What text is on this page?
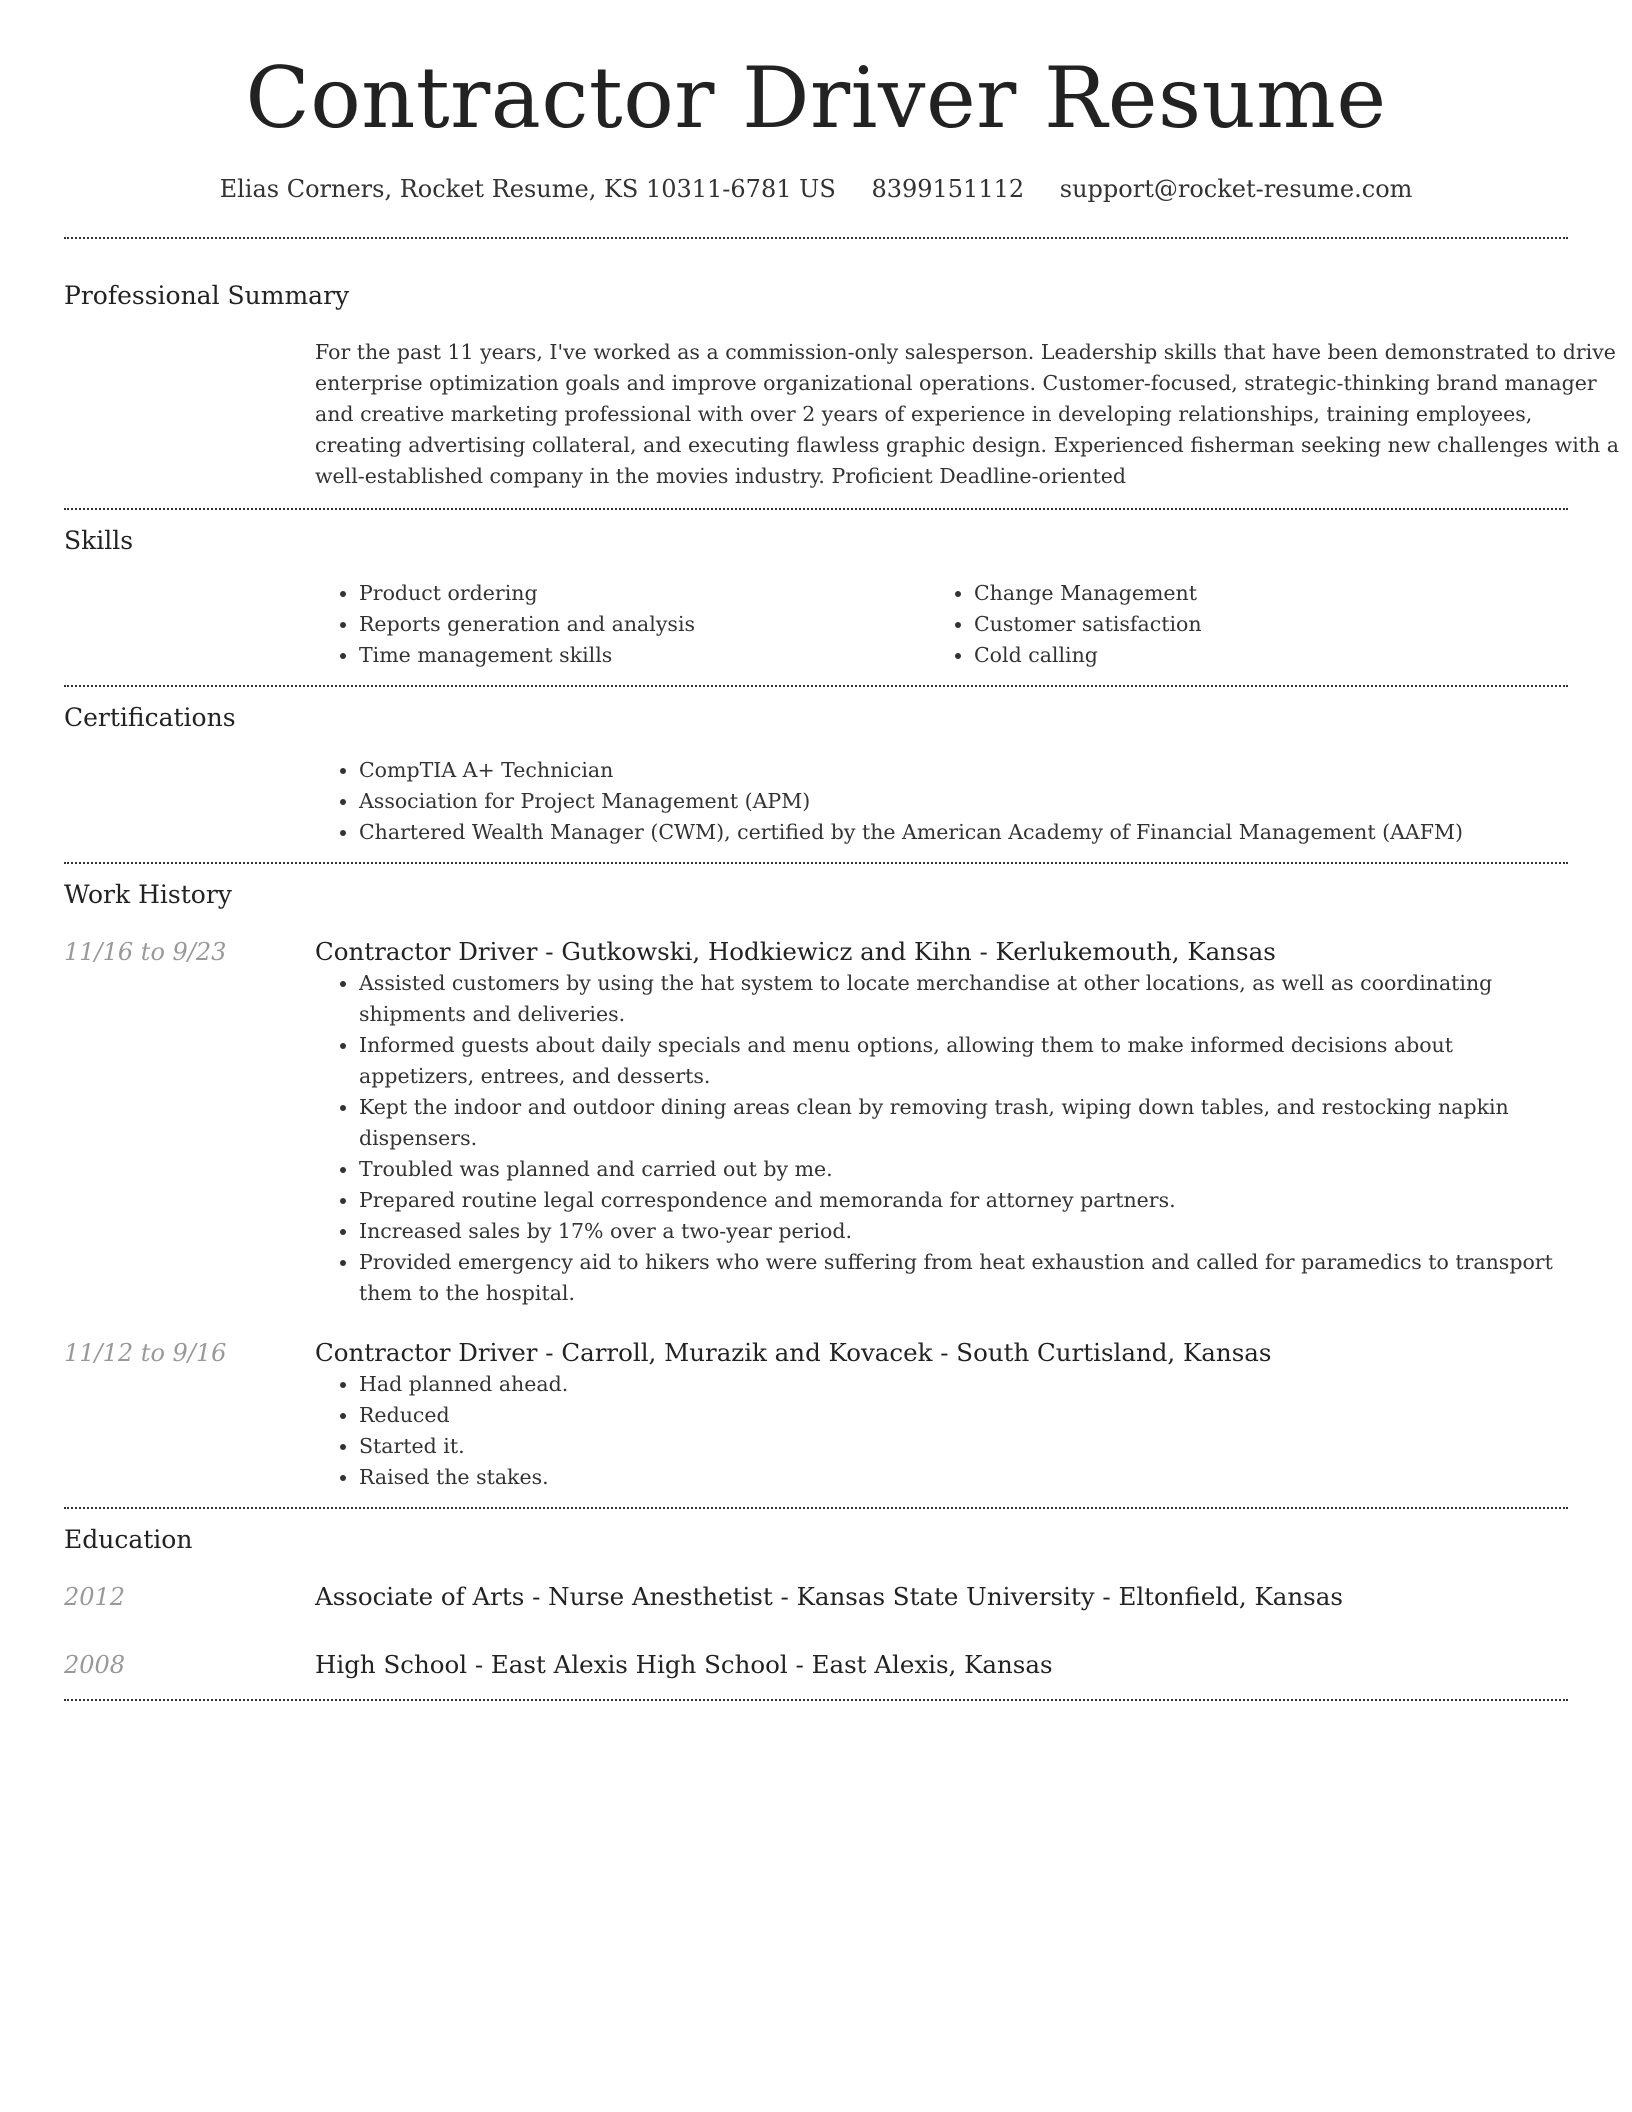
Contractor Driver Resume
Elias Corners, Rocket Resume, KS 10311-6781 US 8399151112 support@rocket-resume.com
Professional Summary

For the past 11 years, I've worked as a commission-only salesperson. Leadership skills that have been demonstrated to drive enterprise optimization goals and improve organizational operations. Customer-focused, strategic-thinking brand manager and creative marketing professional with over 2 years of experience in developing relationships, training employees, creating advertising collateral, and executing flawless graphic design. Experienced fisherman seeking new challenges with a well-established company in the movies industry. Proficient Deadline-oriented

Skills
• Product ordering
• Reports generation and analysis
• Time management skills
• Change Management
• Customer satisfaction
• Cold calling
Certifications
• CompTIA A+ Technician
• Association for Project Management (APM)
• Chartered Wealth Manager (CWM), certified by the American Academy of Financial Management (AAFM)
Work History
11/16 to 9/23	Contractor Driver - Gutkowski, Hodkiewicz and Kihn - Kerlukemouth, Kansas
• Assisted customers by using the hat system to locate merchandise at other locations, as well as coordinating shipments and deliveries.
• Informed guests about daily specials and menu options, allowing them to make informed decisions about appetizers, entrees, and desserts.
• Kept the indoor and outdoor dining areas clean by removing trash, wiping down tables, and restocking napkin dispensers.
• Troubled was planned and carried out by me.
• Prepared routine legal correspondence and memoranda for attorney partners.
• Increased sales by 17% over a two-year period.
• Provided emergency aid to hikers who were suffering from heat exhaustion and called for paramedics to transport them to the hospital.
11/12 to 9/16	Contractor Driver - Carroll, Murazik and Kovacek - South Curtisland, Kansas
• Had planned ahead.
• Reduced
• Started it.
• Raised the stakes.
Education
2012	Associate of Arts - Nurse Anesthetist - Kansas State University - Eltonfield, Kansas
2008	High School - East Alexis High School - East Alexis, Kansas
